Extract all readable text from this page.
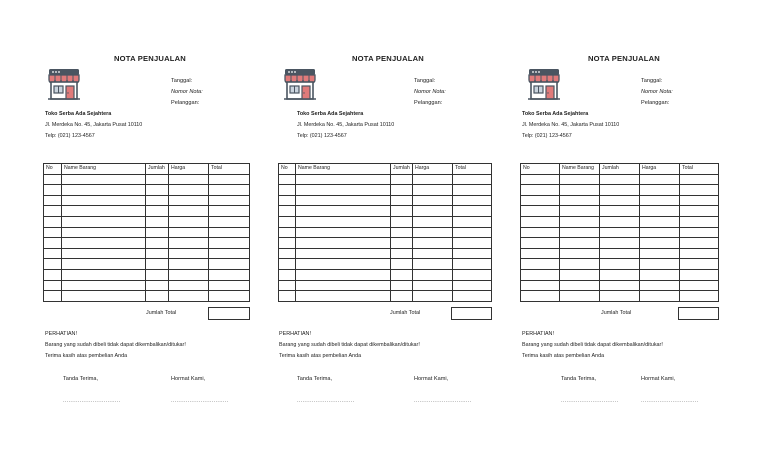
NOTA PENJUALAN
Tanggal:
Nomor Nota:
Pelanggan:
Toko Serba Ada Sejahtera
Jl. Merdeka No. 45, Jakarta Pusat 10110
Telp: (021) 123-4567
No	Name Barang	Jumlah	Harga	Total

Jumlah Total
PERHATIAN!
Barang yang sudah dibeli tidak dapat dikembalikan/ditukar!
Terima kasih atas pembelian Anda
Tanda Terima,	Hormat Kami,
...............................	...............................
NOTA PENJUALAN
Tanggal:
Nomor Nota:
Pelanggan:
Toko Serba Ada Sejahtera
Jl. Merdeka No. 45, Jakarta Pusat 10110
Telp: (021) 123-4567
No	Name Barang	Jumlah	Harga	Total

Jumlah Total
PERHATIAN!
Barang yang sudah dibeli tidak dapat dikembalikan/ditukar!
Terima kasih atas pembelian Anda
Tanda Terima,	Hormat Kami,
...............................	...............................
NOTA PENJUALAN
Tanggal:
Nomor Nota:
Pelanggan:
Toko Serba Ada Sejahtera
Jl. Merdeka No. 45, Jakarta Pusat 10110
Telp: (021) 123-4567
No	Name Barang	Jumlah	Harga	Total

Jumlah Total
PERHATIAN!
Barang yang sudah dibeli tidak dapat dikembalikan/ditukar!
Terima kasih atas pembelian Anda
Tanda Terima,	Hormat Kami,
...............................	...............................
